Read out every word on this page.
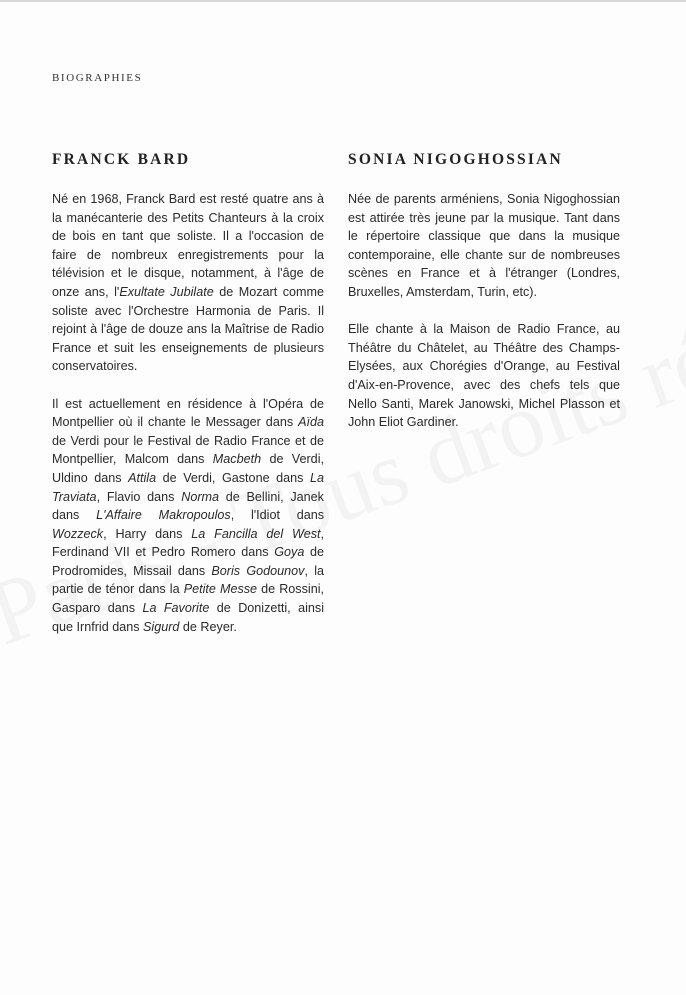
BIOGRAPHIES
FRANCK BARD

Né en 1968, Franck Bard est resté quatre ans à la manécanterie des Petits Chanteurs à la croix de bois en tant que soliste. Il a l'occasion de faire de nombreux enregistrements pour la télévision et le disque, notamment, à l'âge de onze ans, l'Exultate Jubilate de Mozart comme soliste avec l'Orchestre Harmonia de Paris. Il rejoint à l'âge de douze ans la Maîtrise de Radio France et suit les enseignements de plusieurs conservatoires.

Il est actuellement en résidence à l'Opéra de Montpellier où il chante le Messager dans Aïda de Verdi pour le Festival de Radio France et de Montpellier, Malcom dans Macbeth de Verdi, Uldino dans Attila de Verdi, Gastone dans La Traviata, Flavio dans Norma de Bellini, Janek dans L'Affaire Makropoulos, l'Idiot dans Wozzeck, Harry dans La Fancilla del West, Ferdinand VII et Pedro Romero dans Goya de Prodromides, Missail dans Boris Godounov, la partie de ténor dans la Petite Messe de Rossini, Gasparo dans La Favorite de Donizetti, ainsi que Irnfrid dans Sigurd de Reyer.

SONIA NIGOGHOSSIAN

Née de parents arméniens, Sonia Nigoghossian est attirée très jeune par la musique. Tant dans le répertoire classique que dans la musique contemporaine, elle chante sur de nombreuses scènes en France et à l'étranger (Londres, Bruxelles, Amsterdam, Turin, etc).

Elle chante à la Maison de Radio France, au Théâtre du Châtelet, au Théâtre des Champs-Elysées, aux Chorégies d'Orange, au Festival d'Aix-en-Provence, avec des chefs tels que Nello Santi, Marek Janowski, Michel Plasson et John Eliot Gardiner.
